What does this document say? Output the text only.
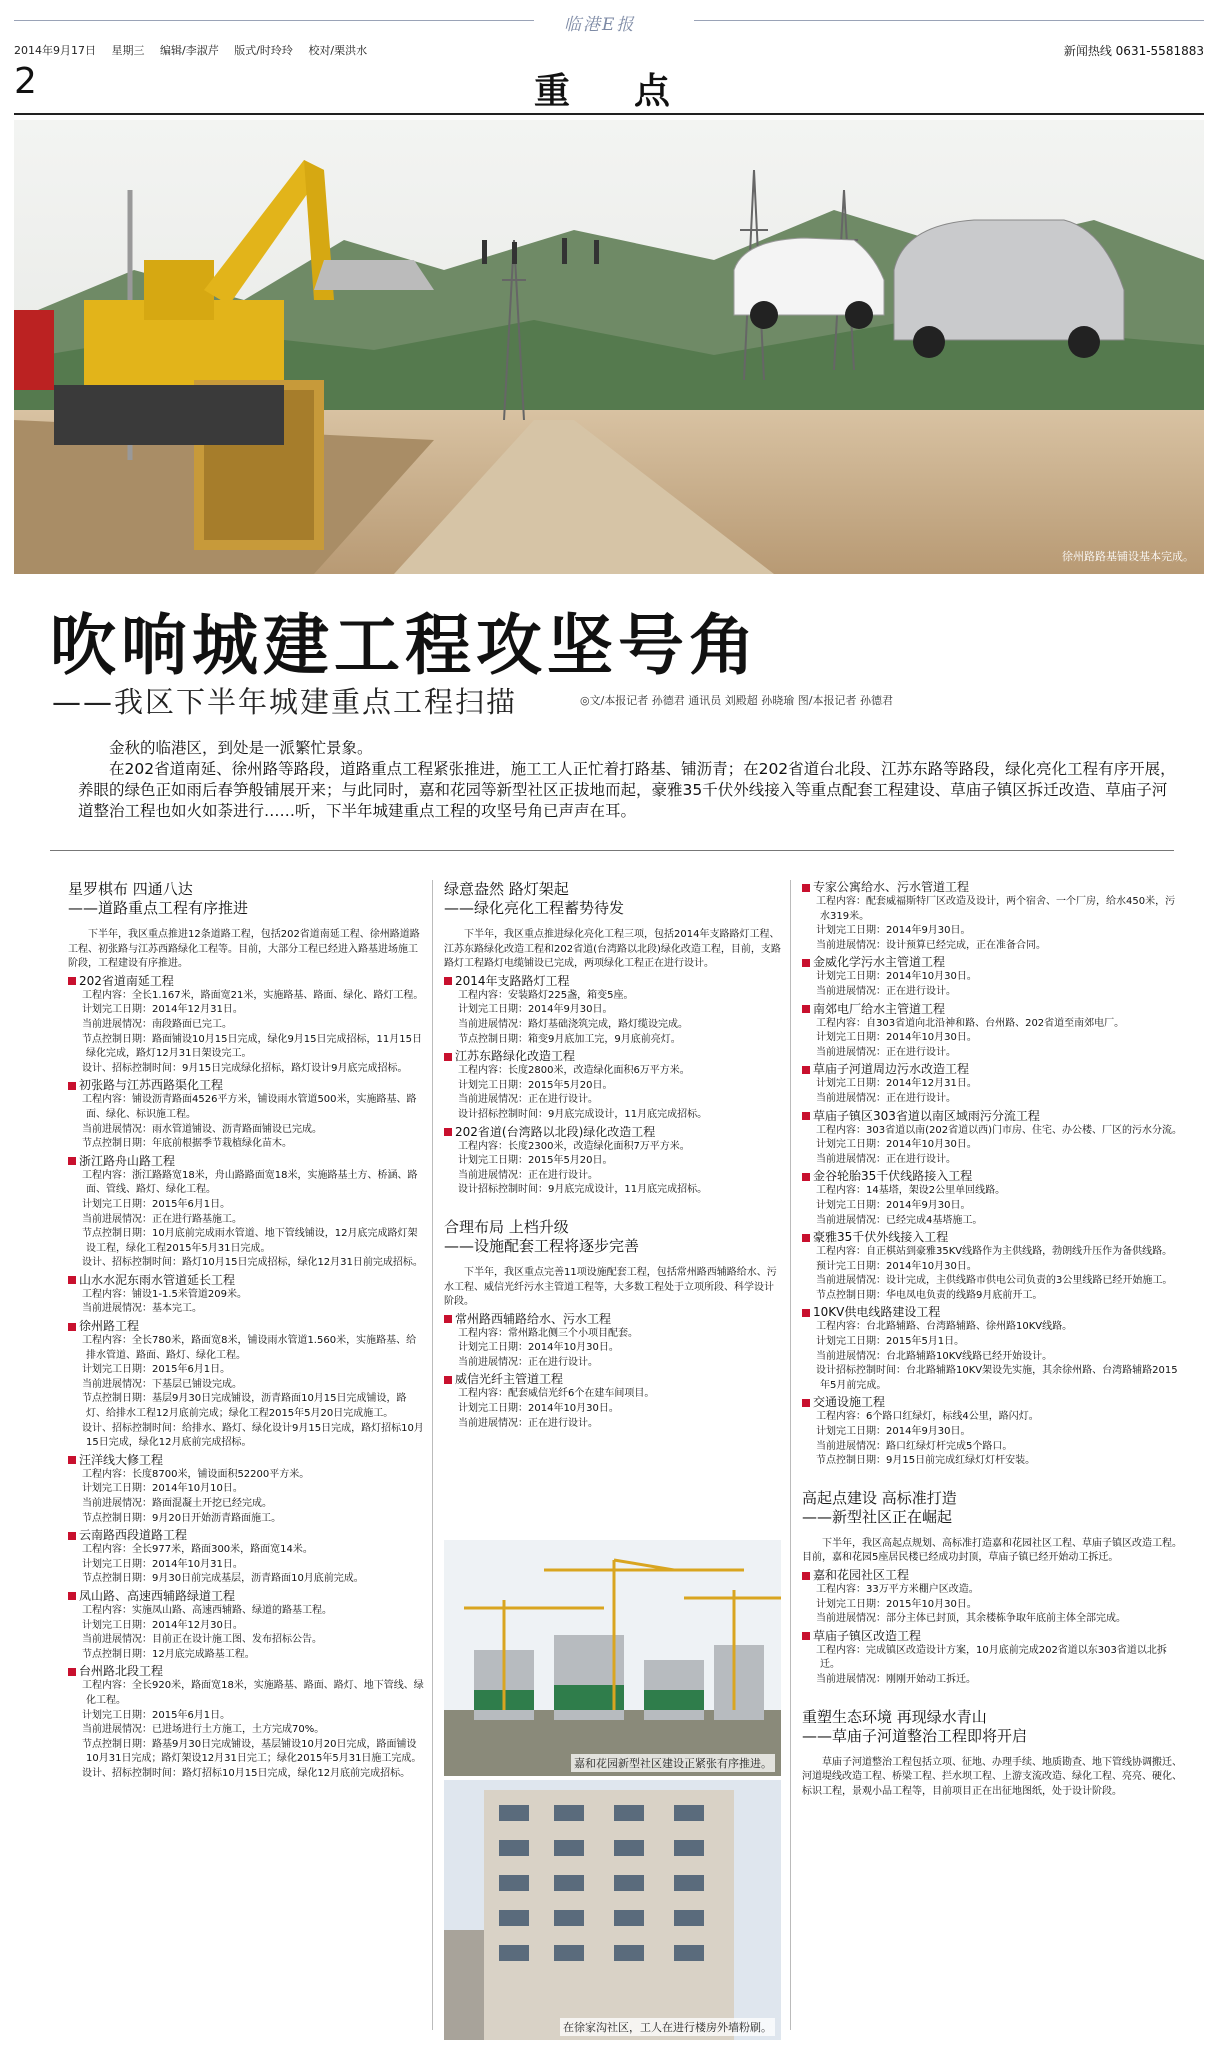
临港E报
2014年9月17日 星期三 编辑/李淑芹 版式/时玲玲 校对/栗洪水	新闻热线 0631-5581883
2	重点
徐州路路基铺设基本完成。
吹响城建工程攻坚号角
——我区下半年城建重点工程扫描	◎文/本报记者 孙德君 通讯员 刘殿超 孙晓瑜 图/本报记者 孙德君

金秋的临港区，到处是一派繁忙景象。

在202省道南延、徐州路等路段，道路重点工程紧张推进，施工工人正忙着打路基、铺沥青；在202省道台北段、江苏东路等路段，绿化亮化工程有序开展，养眼的绿色正如雨后春笋般铺展开来；与此同时，嘉和花园等新型社区正拔地而起，豪雅35千伏外线接入等重点配套工程建设、草庙子镇区拆迁改造、草庙子河道整治工程也如火如荼进行……听，下半年城建重点工程的攻坚号角已声声在耳。

星罗棋布 四通八达
——道路重点工程有序推进

下半年，我区重点推进12条道路工程，包括202省道南延工程、徐州路道路工程、初张路与江苏西路绿化工程等。目前，大部分工程已经进入路基进场施工阶段，工程建设有序推进。

202省道南延工程
工程内容：全长1.167米，路面宽21米，实施路基、路面、绿化、路灯工程。
计划完工日期：2014年12月31日。
当前进展情况：南段路面已完工。
节点控制日期：路面铺设10月15日完成，绿化9月15日完成招标，11月15日绿化完成，路灯12月31日架设完工。
设计、招标控制时间：9月15日完成绿化招标，路灯设计9月底完成招标。
初张路与江苏西路渠化工程
工程内容：铺设沥青路面4526平方米，铺设雨水管道500米，实施路基、路面、绿化、标识施工程。
当前进展情况：雨水管道铺设、沥青路面铺设已完成。
节点控制日期：年底前根据季节栽植绿化苗木。
浙江路舟山路工程
工程内容：浙江路路宽18米，舟山路路面宽18米，实施路基土方、桥涵、路面、管线、路灯、绿化工程。
计划完工日期：2015年6月1日。
当前进展情况：正在进行路基施工。
节点控制日期：10月底前完成雨水管道、地下管线铺设，12月底完成路灯架设工程，绿化工程2015年5月31日完成。
设计、招标控制时间：路灯10月15日完成招标，绿化12月31日前完成招标。
山水水泥东雨水管道延长工程
工程内容：铺设1-1.5米管道209米。
当前进展情况：基本完工。
徐州路工程
工程内容：全长780米，路面宽8米，铺设雨水管道1.560米，实施路基、给排水管道、路面、路灯、绿化工程。
计划完工日期：2015年6月1日。
当前进展情况：下基层已铺设完成。
节点控制日期：基层9月30日完成铺设，沥青路面10月15日完成铺设，路灯、给排水工程12月底前完成；绿化工程2015年5月20日完成施工。
设计、招标控制时间：给排水、路灯、绿化设计9月15日完成，路灯招标10月15日完成，绿化12月底前完成招标。
汪洋线大修工程
工程内容：长度8700米，铺设面积52200平方米。
计划完工日期：2014年10月10日。
当前进展情况：路面混凝土开挖已经完成。
节点控制日期：9月20日开始沥青路面施工。
云南路西段道路工程
工程内容：全长977米，路面300米，路面宽14米。
计划完工日期：2014年10月31日。
节点控制日期：9月30日前完成基层，沥青路面10月底前完成。
凤山路、高速西辅路绿道工程
工程内容：实施凤山路、高速西辅路、绿道的路基工程。
计划完工日期：2014年12月30日。
当前进展情况：目前正在设计施工图、发布招标公告。
节点控制日期：12月底完成路基工程。
台州路北段工程
工程内容：全长920米，路面宽18米，实施路基、路面、路灯、地下管线、绿化工程。
计划完工日期：2015年6月1日。
当前进展情况：已进场进行土方施工，土方完成70%。
节点控制日期：路基9月30日完成铺设，基层铺设10月20日完成，路面铺设10月31日完成；路灯架设12月31日完工；绿化2015年5月31日施工完成。
设计、招标控制时间：路灯招标10月15日完成，绿化12月底前完成招标。
绿意盎然 路灯架起
——绿化亮化工程蓄势待发

下半年，我区重点推进绿化亮化工程三项，包括2014年支路路灯工程、江苏东路绿化改造工程和202省道(台湾路以北段)绿化改造工程，目前，支路路灯工程路灯电缆铺设已完成，两项绿化工程正在进行设计。

2014年支路路灯工程
工程内容：安装路灯225盏，箱变5座。
计划完工日期：2014年9月30日。
当前进展情况：路灯基础浇筑完成，路灯缆设完成。
节点控制日期：箱变9月底加工完，9月底前亮灯。
江苏东路绿化改造工程
工程内容：长度2800米，改造绿化面积6万平方米。
计划完工日期：2015年5月20日。
当前进展情况：正在进行设计。
设计招标控制时间：9月底完成设计，11月底完成招标。
202省道(台湾路以北段)绿化改造工程
工程内容：长度2300米，改造绿化面积7万平方米。
计划完工日期：2015年5月20日。
当前进展情况：正在进行设计。
设计招标控制时间：9月底完成设计，11月底完成招标。
合理布局 上档升级
——设施配套工程将逐步完善

下半年，我区重点完善11项设施配套工程，包括常州路西辅路给水、污水工程、威信光纤污水主管道工程等，大多数工程处于立项所段、科学设计阶段。

常州路西辅路给水、污水工程
工程内容：常州路北侧三个小项目配套。
计划完工日期：2014年10月30日。
当前进展情况：正在进行设计。
威信光纤主管道工程
工程内容：配套威信光纤6个在建车间项目。
计划完工日期：2014年10月30日。
当前进展情况：正在进行设计。
专家公寓给水、污水管道工程
工程内容：配套威福斯特厂区改造及设计，两个宿舍、一个厂房，给水450米，污水319米。
计划完工日期：2014年9月30日。
当前进展情况：设计预算已经完成，正在准备合同。
金威化学污水主管道工程
计划完工日期：2014年10月30日。
当前进展情况：正在进行设计。
南郊电厂给水主管道工程
工程内容：自303省道向北沿神和路、台州路、202省道至南郊电厂。
计划完工日期：2014年10月30日。
当前进展情况：正在进行设计。
草庙子河道周边污水改造工程
计划完工日期：2014年12月31日。
当前进展情况：正在进行设计。
草庙子镇区303省道以南区域雨污分流工程
工程内容：303省道以南(202省道以西)门市房、住宅、办公楼、厂区的污水分流。
计划完工日期：2014年10月30日。
当前进展情况：正在进行设计。
金谷轮胎35千伏线路接入工程
工程内容：14基塔，架设2公里单回线路。
计划完工日期：2014年9月30日。
当前进展情况：已经完成4基塔施工。
豪雅35千伏外线接入工程
工程内容：自正棋站到豪雅35KV线路作为主供线路，勃朗线升压作为备供线路。
预计完工日期：2014年10月30日。
当前进展情况：设计完成，主供线路市供电公司负责的3公里线路已经开始施工。
节点控制日期：华电凤电负责的线路9月底前开工。
10KV供电线路建设工程
工程内容：台北路辅路、台湾路辅路、徐州路10KV线路。
计划完工日期：2015年5月1日。
当前进展情况：台北路辅路10KV线路已经开始设计。
设计招标控制时间：台北路辅路10KV架设先实施，其余徐州路、台湾路辅路2015年5月前完成。
交通设施工程
工程内容：6个路口红绿灯，标线4公里，路闪灯。
计划完工日期：2014年9月30日。
当前进展情况：路口红绿灯杆完成5个路口。
节点控制日期：9月15日前完成红绿灯灯杆安装。
高起点建设 高标准打造
——新型社区正在崛起

下半年，我区高起点规划、高标准打造嘉和花园社区工程、草庙子镇区改造工程。目前，嘉和花园5座居民楼已经成功封顶，草庙子镇已经开始动工拆迁。

嘉和花园社区工程
工程内容：33万平方米棚户区改造。
计划完工日期：2015年10月30日。
当前进展情况：部分主体已封顶，其余楼栋争取年底前主体全部完成。
草庙子镇区改造工程
工程内容：完成镇区改造设计方案，10月底前完成202省道以东303省道以北拆迁。
当前进展情况：刚刚开始动工拆迁。
重塑生态环境 再现绿水青山
——草庙子河道整治工程即将开启

草庙子河道整治工程包括立项、征地、办理手续、地质勘查、地下管线协调搬迁、河道堤线改造工程、桥梁工程、拦水坝工程、上游支流改造、绿化工程、亮亮、硬化、标识工程，景观小品工程等，目前项目正在出征地图纸，处于设计阶段。

嘉和花园新型社区建设正紧张有序推进。
在徐家沟社区，工人在进行楼房外墙粉刷。
